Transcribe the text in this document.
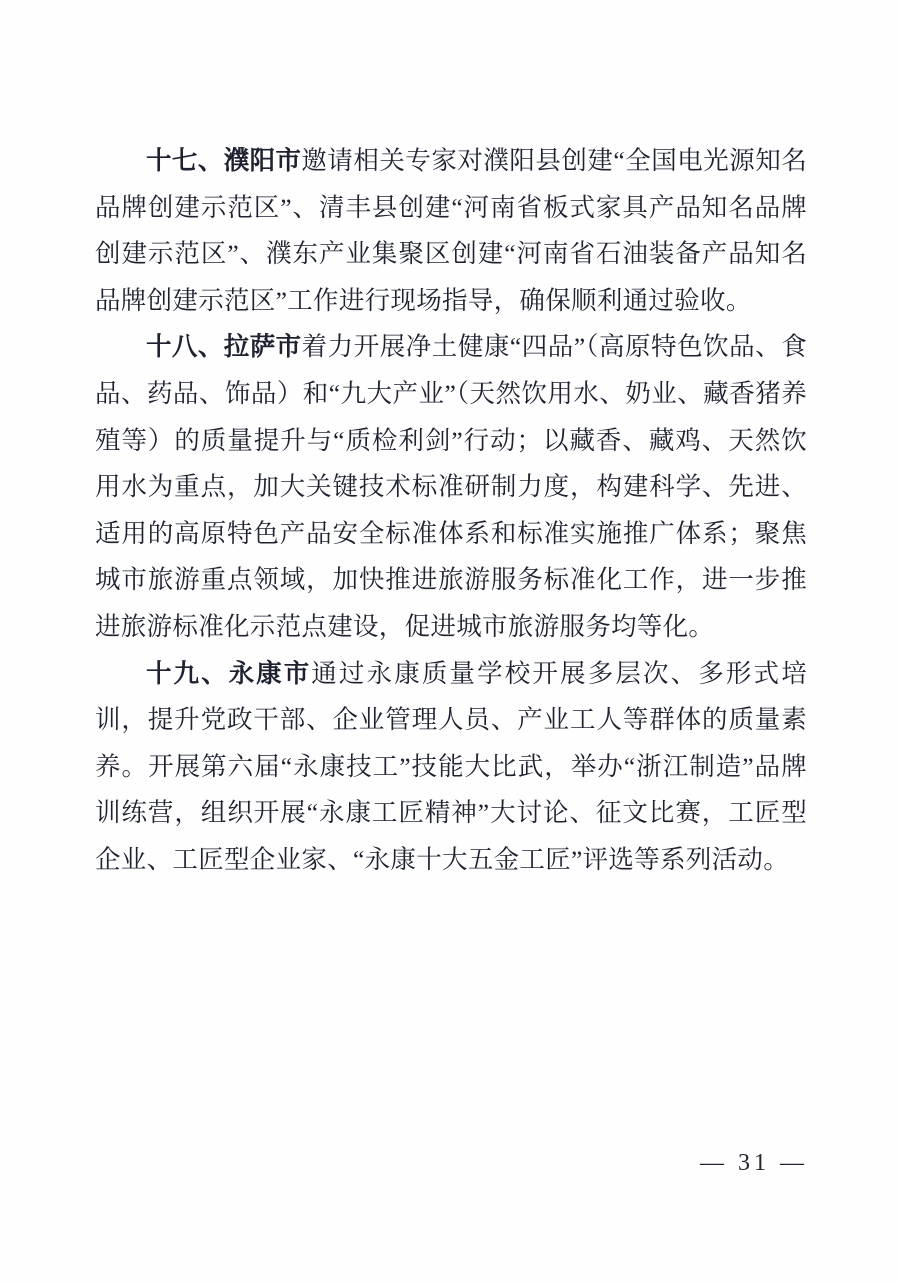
十七、濮阳市邀请相关专家对濮阳县创建“全国电光源知名品牌创建示范区”、清丰县创建“河南省板式家具产品知名品牌创建示范区”、濮东产业集聚区创建“河南省石油装备产品知名品牌创建示范区”工作进行现场指导，确保顺利通过验收。

十八、拉萨市着力开展净土健康“四品”（高原特色饮品、食品、药品、饰品）和“九大产业”（天然饮用水、奶业、藏香猪养殖等）的质量提升与“质检利剑”行动；以藏香、藏鸡、天然饮用水为重点，加大关键技术标准研制力度，构建科学、先进、适用的高原特色产品安全标准体系和标准实施推广体系；聚焦城市旅游重点领域，加快推进旅游服务标准化工作，进一步推进旅游标准化示范点建设，促进城市旅游服务均等化。

十九、永康市通过永康质量学校开展多层次、多形式培训，提升党政干部、企业管理人员、产业工人等群体的质量素养。开展第六届“永康技工”技能大比武，举办“浙江制造”品牌训练营，组织开展“永康工匠精神”大讨论、征文比赛，工匠型企业、工匠型企业家、“永康十大五金工匠”评选等系列活动。

— 31 —
